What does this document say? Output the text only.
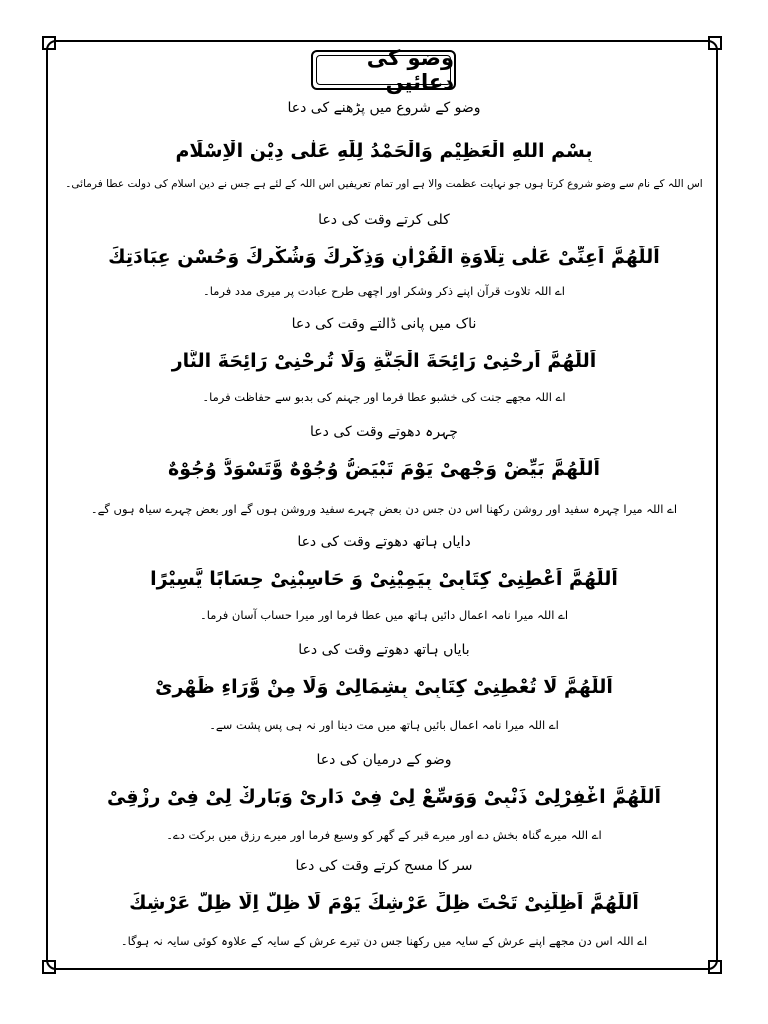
وضو کی دعائیں
وضو کے شروع میں پڑھنے کی دعا
بِسْمِ اللهِ الْعَظِیْمِ وَالْحَمْدُ لِلّٰهِ عَلٰی دِیْنِ الْاِسْلَامِ
اس اللہ کے نام سے وضو شروع کرتا ہوں جو نہایت عظمت والا ہے اور تمام تعریفیں اس اللہ کے لئے ہے جس نے دین اسلام کی دولت عطا فرمائی۔
کلی کرتے وقت کی دعا
اَللّٰهُمَّ اَعِنِّیْ عَلٰی تِلَاوَةِ الْقُرْاٰنِ وَذِكْرِكَ وَشُكْرِكَ وَحُسْنِ عِبَادَتِكَ
اے اللہ تلاوت قرآن اپنے ذکر وشکر اور اچھی طرح عبادت پر میری مدد فرما۔
ناک میں پانی ڈالتے وقت کی دعا
اَللّٰهُمَّ اَرِحْنِیْ رَائِحَةَ الْجَنَّةِ وَلَا تُرِحْنِیْ رَائِحَةَ النَّارِ
اے اللہ مجھے جنت کی خشبو عطا فرما اور جہنم کی بدبو سے حفاظت فرما۔
چہرہ دھوتے وقت کی دعا
اَللّٰهُمَّ بَیِّضْ وَجْهِیْ یَوْمَ تَبْیَضُّ وُجُوْهٌ وَّتَسْوَدُّ وُجُوْهٌ
اے اللہ میرا چہرہ سفید اور روشن رکھنا اس دن جس دن بعض چہرے سفید وروشن ہوں گے اور بعض چہرے سیاہ ہوں گے۔
دایاں ہاتھ دھوتے وقت کی دعا
اَللّٰهُمَّ اَعْطِنِیْ كِتَابِیْ بِیَمِیْنِیْ وَ حَاسِبْنِیْ حِسَابًا یَّسِیْرًا
اے اللہ میرا نامہ اعمال دائیں ہاتھ میں عطا فرما اور میرا حساب آسان فرما۔
بایاں ہاتھ دھوتے وقت کی دعا
اَللّٰهُمَّ لَا تُعْطِنِیْ كِتَابِیْ بِشِمَالِیْ وَلَا مِنْ وَّرَاءِ ظَهْرِیْ
اے اللہ میرا نامہ اعمال بائیں ہاتھ میں مت دینا اور نہ ہی پس پشت سے۔
وضو کے درمیان کی دعا
اَللّٰهُمَّ اغْفِرْلِیْ ذَنْبِیْ وَوَسِّعْ لِیْ فِیْ دَارِیْ وَبَارِكْ لِیْ فِیْ رِزْقِیْ
اے اللہ میرے گناہ بخش دے اور میرے قبر کے گھر کو وسیع فرما اور میرے رزق میں برکت دے۔
سر کا مسح کرتے وقت کی دعا
اَللّٰهُمَّ اَظِلَّنِیْ تَحْتَ ظِلِّ عَرْشِكَ یَوْمَ لَا ظِلَّ اِلَّا ظِلُّ عَرْشِكَ
اے اللہ اس دن مجھے اپنے عرش کے سایہ میں رکھنا جس دن تیرے عرش کے سایہ کے علاوہ کوئی سایہ نہ ہوگا۔
